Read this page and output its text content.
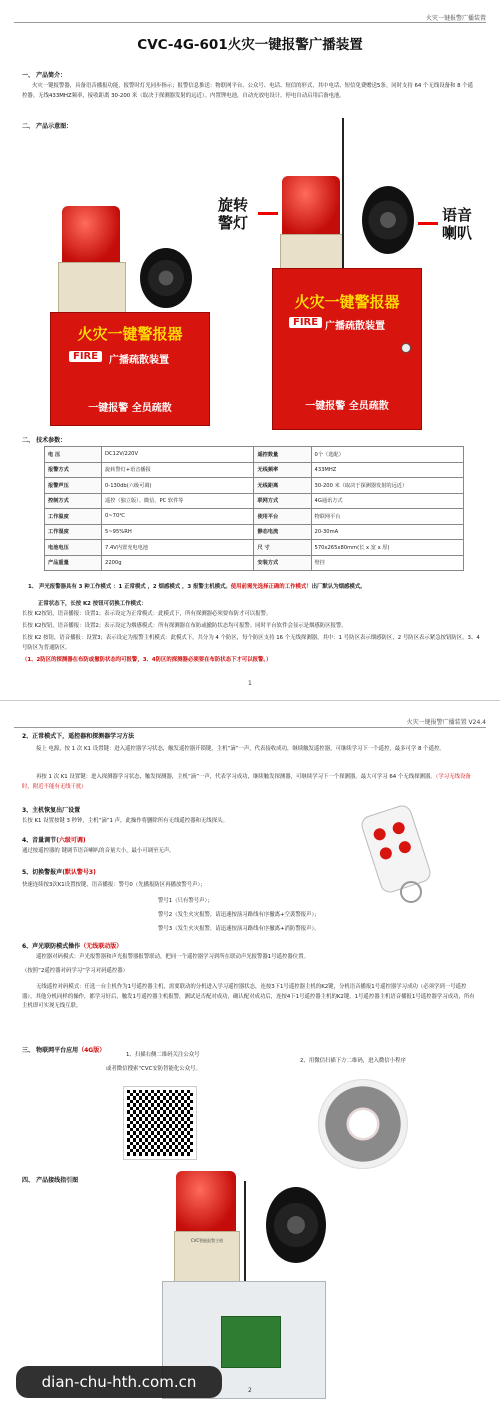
火灾一键报警广播装置
CVC-4G-601火灾一键报警广播装置
一、 产品简介：
火灾一键报警器，具备语音播报功能，报警时灯光同步指示；报警信息推送：物联网平台、公众号、电话、短信的形式，其中电话、短信免费赠送5条。同时支持 64 个无线设备和 8 个遥控器。无线433MHZ频率，接收距离 30-200 米（取决于探测器发射的远近）。内置锂电池，自动充放电设计，停电自动启用后备电池。
二、 产品示意图：
火灾一键警报器
FIRE	广播疏散装置
一键报警 全员疏散
旋转
警灯	语音
喇叭
火灾一键警报器
FIRE 广播疏散装置
一键报警 全员疏散
二、 技术参数：
电 压	DC12V/220V	遥控数量	0个（选配）
报警方式	旋转警灯+语音播报	无线频率	433MHZ
报警声压	0-130db(六级可调)	无线距离	30-200 米（取决于探测器发射的远近）
控制方式	遥控（独立版）、微信、PC 软件等	联网方式	4G通讯方式
工作温度	0~70℃	使用平台	物联网平台
工作湿度	5~95%RH	静态电流	20-30mA
电池电压	7.4V内置充电电池	尺 寸	570x265x80mm(长 x 宽 x 厚)
产品重量	2200g	安装方式	壁挂
1、 声光报警器具有 3 种工作模式 ：1 正常模式 ，2 烟感模式 ，3 报警主机模式。使用前需先选择正确的工作模式！出厂默认为烟感模式。
正常状态下，长按 K2 按钮可切换工作模式：
长按 K2按钮，语音播报：设置1；表示设定为正常模式：此模式下，所有探测器必须要布防才可以报警。
长按 K2按钮，语音播报：设置2；表示设定为烟感模式：所有探测器在布防或撤防状态均可报警。同时平台软件会显示是烟感防区报警。
长按 K2 按钮，语音播报：设置3；表示设定为报警主机模式：此模式下，共分为 4 个防区，每个防区支持 16 个无线探测器，其中：1 号防区表示烟感防区，2 号防区表示紧急按钮防区，3、4 号防区为普通防区。
（1、2防区的探测器在布防或撤防状态均可报警，3、4防区的探测器必须要在布防状态下才可以报警。）
1
火灾一键报警广播装置 V24.4
2、正常模式下，遥控器和探测器学习方法
接上 电源，按 1 次 K1 设置键：进入遥控器学习状态，触发遥控器开锁键，主机“滴”一声，代表接收成功，继续触发遥控器，可继续学习下一个遥控，最多可学 8 个遥控。
再按 1 次 K1 设置键：进入探测器学习状态，触发探测器，主机“滴”一声，代表学习成功，继续触发探测器，可继续学习下一个探测器。最大可学习 64 个无线探测器。（学习无线设备时，附近不能有无线干扰）
3、主机恢复出厂设置
长按 K1 设置按键 3 秒钟，主机“滴”1 声，此操作将删除所有无线遥控器和无线探头。
4、音量调节(六级可调)
通过按遥控器的 键调节语音喇叭的音量大小，最小可调至无声。
5、切换警报声(默认警号3)
快速连续按3次K1设置按键，语音播报：警号0（先播报防区再播放警号声）；
警号1（只有警号声）；
警号2（发生火灾报警，请迅速按演习路线有序撤离+空袭警报声）；
警号3（发生火灾报警，请迅速按演习路线有序撤离+消防警报声）。
6、声光联防模式操作（无线联动版）
遥控器对码模式：声光报警器和声光报警器报警联动，把同一个遥控器学习到所在联动声光报警器1号遥控器位置。
（按照“2遥控器对码学习”学习对码遥控器）
无线遥控对码模式：任选一台主机作为1号遥控器主机，需要联动的分机进入学习遥控器状态，连按3下1号遥控器主机的K2键，分机语音播报1号遥控器学习成功（必须学到一号遥控器），其他分机同样的操作，都学习好后，触发1号遥控器主机报警，测试是否配对成功，确认配对成功后，连按4下1号遥控器主机的K2键，1号遥控器主机语音播报1号遥控器学习成功，所有主机即可实现无线互联。
三、 物联网平台应用（4G版）
1、扫描右侧二维码关注公众号
或者微信搜索“CVC安防智能化公众号。
2、用微信扫描下方二维码，进入微信小程序
四、 产品接线指引图
CVC智能报警主机
2
dian-chu-hth.com.cn
